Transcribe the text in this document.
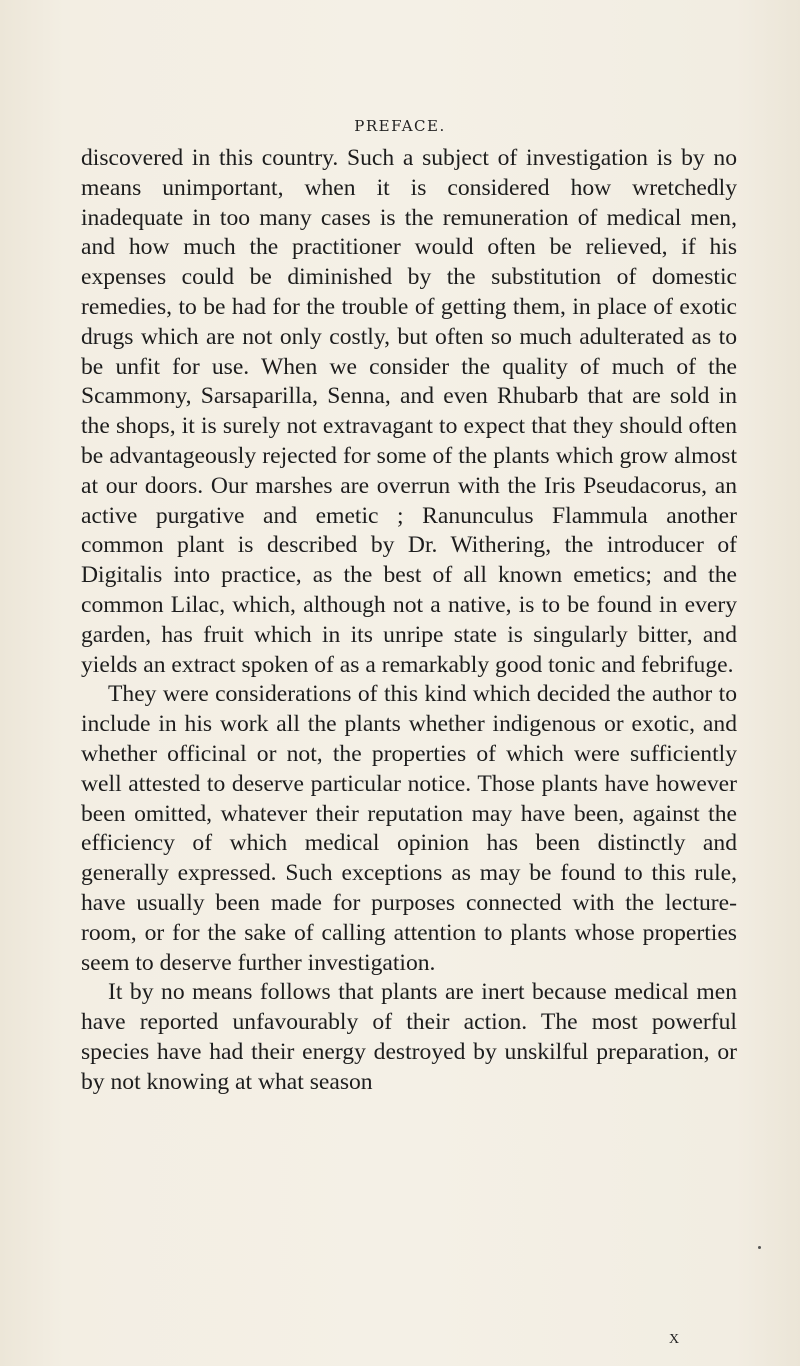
PREFACE.

discovered in this country. Such a subject of investigation is by no means unimportant, when it is considered how wretchedly inadequate in too many cases is the remuneration of medical men, and how much the practitioner would often be relieved, if his expenses could be diminished by the substitution of domestic remedies, to be had for the trouble of getting them, in place of exotic drugs which are not only costly, but often so much adulterated as to be unfit for use. When we consider the quality of much of the Scammony, Sarsaparilla, Senna, and even Rhubarb that are sold in the shops, it is surely not extravagant to expect that they should often be advantageously rejected for some of the plants which grow almost at our doors. Our marshes are overrun with the Iris Pseudacorus, an active purgative and emetic ; Ranunculus Flammula another common plant is described by Dr. Withering, the introducer of Digitalis into practice, as the best of all known emetics; and the common Lilac, which, although not a native, is to be found in every garden, has fruit which in its unripe state is singularly bitter, and yields an extract spoken of as a remarkably good tonic and febrifuge.

They were considerations of this kind which decided the author to include in his work all the plants whether indigenous or exotic, and whether officinal or not, the properties of which were sufficiently well attested to deserve particular notice. Those plants have however been omitted, whatever their reputation may have been, against the efficiency of which medical opinion has been distinctly and generally expressed. Such exceptions as may be found to this rule, have usually been made for purposes connected with the lecture-room, or for the sake of calling attention to plants whose properties seem to deserve further investigation.

It by no means follows that plants are inert because medical men have reported unfavourably of their action. The most powerful species have had their energy destroyed by unskilful preparation, or by not knowing at what season

X
